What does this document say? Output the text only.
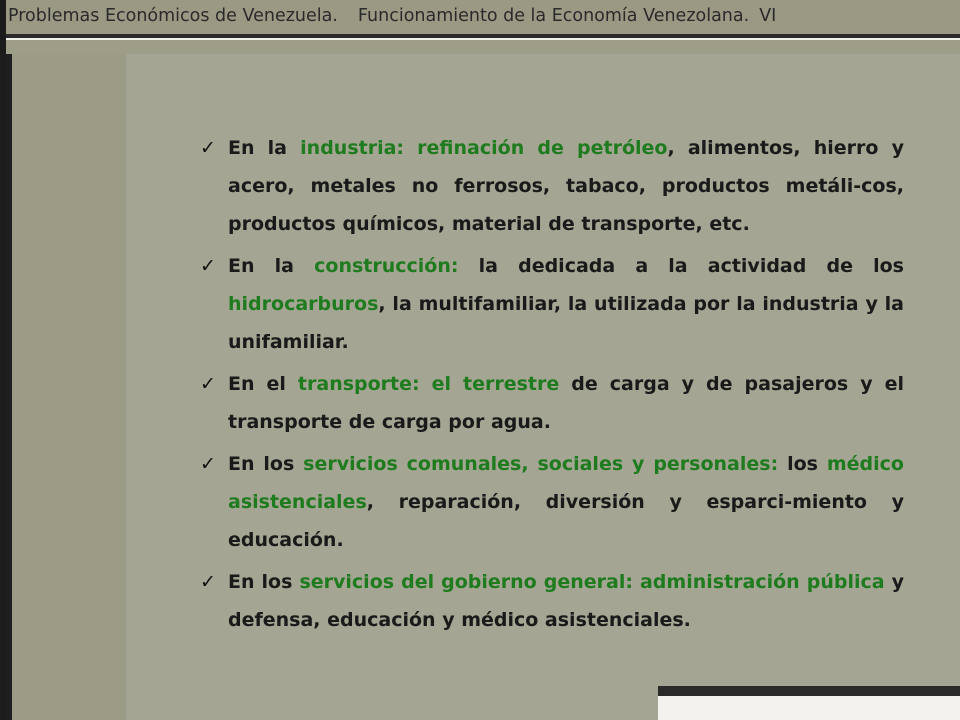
Problemas Económicos de Venezuela. Funcionamiento de la Economía Venezolana. VI
✓ En la industria: refinación de petróleo, alimentos, hierro y acero, metales no ferrosos, tabaco, productos metáli-cos, productos químicos, material de transporte, etc.
✓ En la construcción: la dedicada a la actividad de los hidrocarburos, la multifamiliar, la utilizada por la industria y la unifamiliar.
✓ En el transporte: el terrestre de carga y de pasajeros y el transporte de carga por agua.
✓ En los servicios comunales, sociales y personales: los médico asistenciales, reparación, diversión y esparci-miento y educación.
✓ En los servicios del gobierno general: administración pública y defensa, educación y médico asistenciales.
